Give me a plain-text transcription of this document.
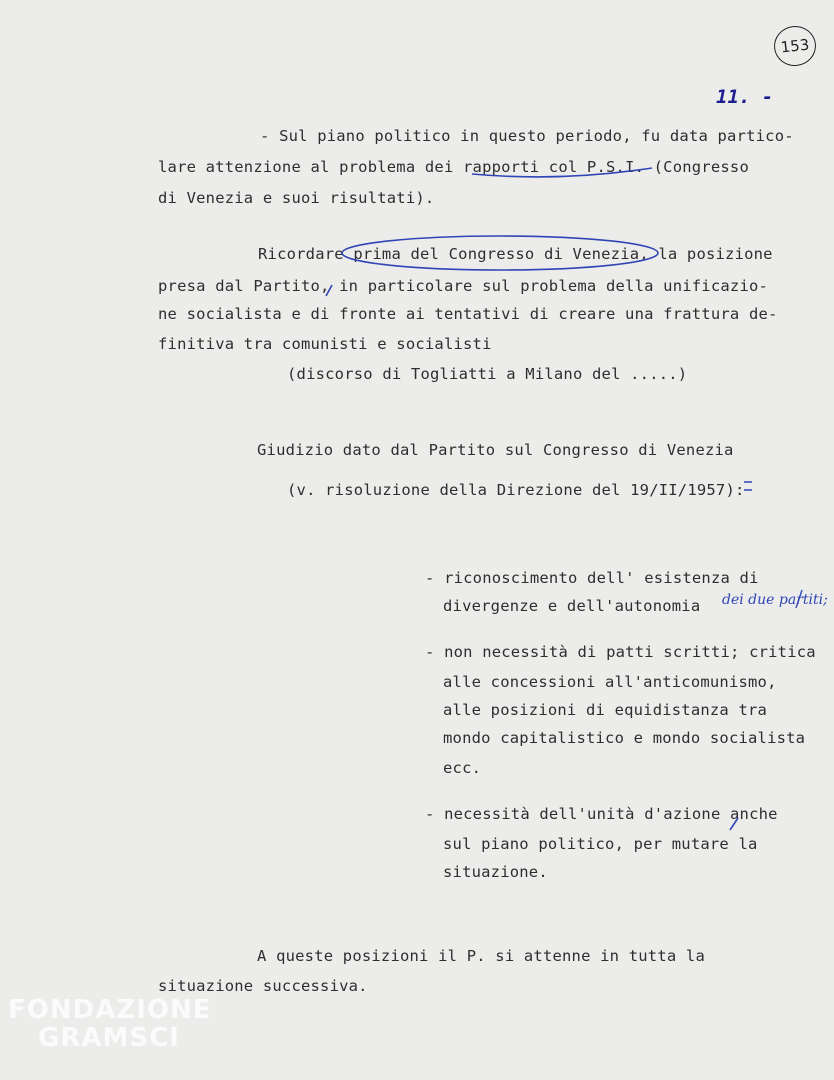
153
11. -
- Sul piano politico in questo periodo, fu data partico-
lare attenzione al problema dei rapporti col P.S.I. (Congresso
di Venezia e suoi risultati).
Ricordare prima del Congresso di Venezia, la posizione
presa dal Partito, in particolare sul problema della unificazio-
ne socialista e di fronte ai tentativi di creare una frattura de-
finitiva tra comunisti e socialisti
(discorso di Togliatti a Milano del .....)
Giudizio dato dal Partito sul Congresso di Venezia
(v. risoluzione della Direzione del 19/II/1957):
- riconoscimento dell' esistenza di
divergenze e dell'autonomia dei due partiti;
- non necessità di patti scritti; critica
alle concessioni all'anticomunismo,
alle posizioni di equidistanza tra
mondo capitalistico e mondo socialista
ecc.
- necessità dell'unità d'azione anche
sul piano politico, per mutare la
situazione.
A queste posizioni il P. si attenne in tutta la
situazione successiva.
FONDAZIONE
GRAMSCI
